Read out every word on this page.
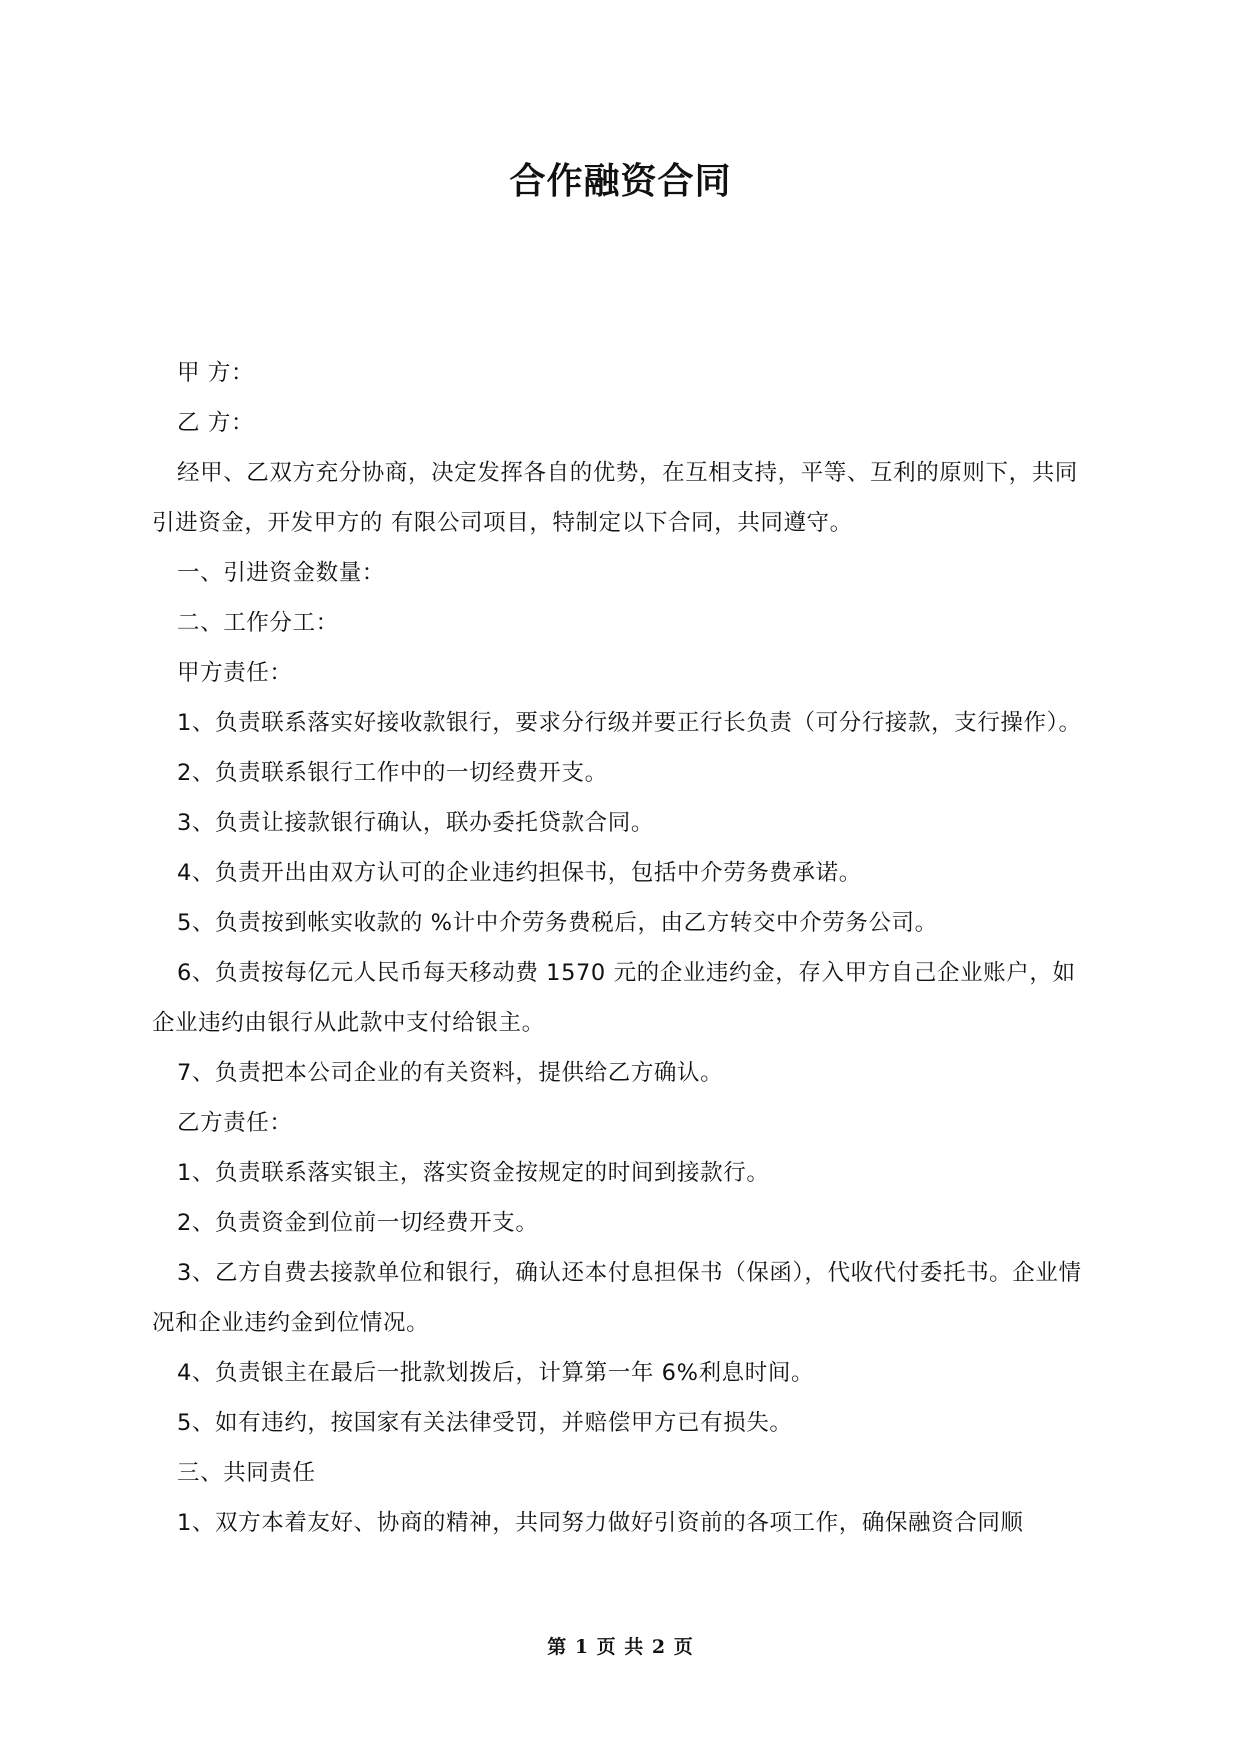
合作融资合同

甲 方：

乙 方：

经甲、乙双方充分协商，决定发挥各自的优势，在互相支持，平等、互利的原则下，共同引进资金，开发甲方的 有限公司项目，特制定以下合同，共同遵守。

一、引进资金数量：

二、工作分工：

甲方责任：

1、负责联系落实好接收款银行，要求分行级并要正行长负责（可分行接款，支行操作）。

2、负责联系银行工作中的一切经费开支。

3、负责让接款银行确认，联办委托贷款合同。

4、负责开出由双方认可的企业违约担保书，包括中介劳务费承诺。

5、负责按到帐实收款的 %计中介劳务费税后，由乙方转交中介劳务公司。

6、负责按每亿元人民币每天移动费 1570 元的企业违约金，存入甲方自己企业账户，如企业违约由银行从此款中支付给银主。

7、负责把本公司企业的有关资料，提供给乙方确认。

乙方责任：

1、负责联系落实银主，落实资金按规定的时间到接款行。

2、负责资金到位前一切经费开支。

3、乙方自费去接款单位和银行，确认还本付息担保书（保函），代收代付委托书。企业情况和企业违约金到位情况。

4、负责银主在最后一批款划拨后，计算第一年 6%利息时间。

5、如有违约，按国家有关法律受罚，并赔偿甲方已有损失。

三、共同责任

1、双方本着友好、协商的精神，共同努力做好引资前的各项工作，确保融资合同顺

第 1 页 共 2 页
